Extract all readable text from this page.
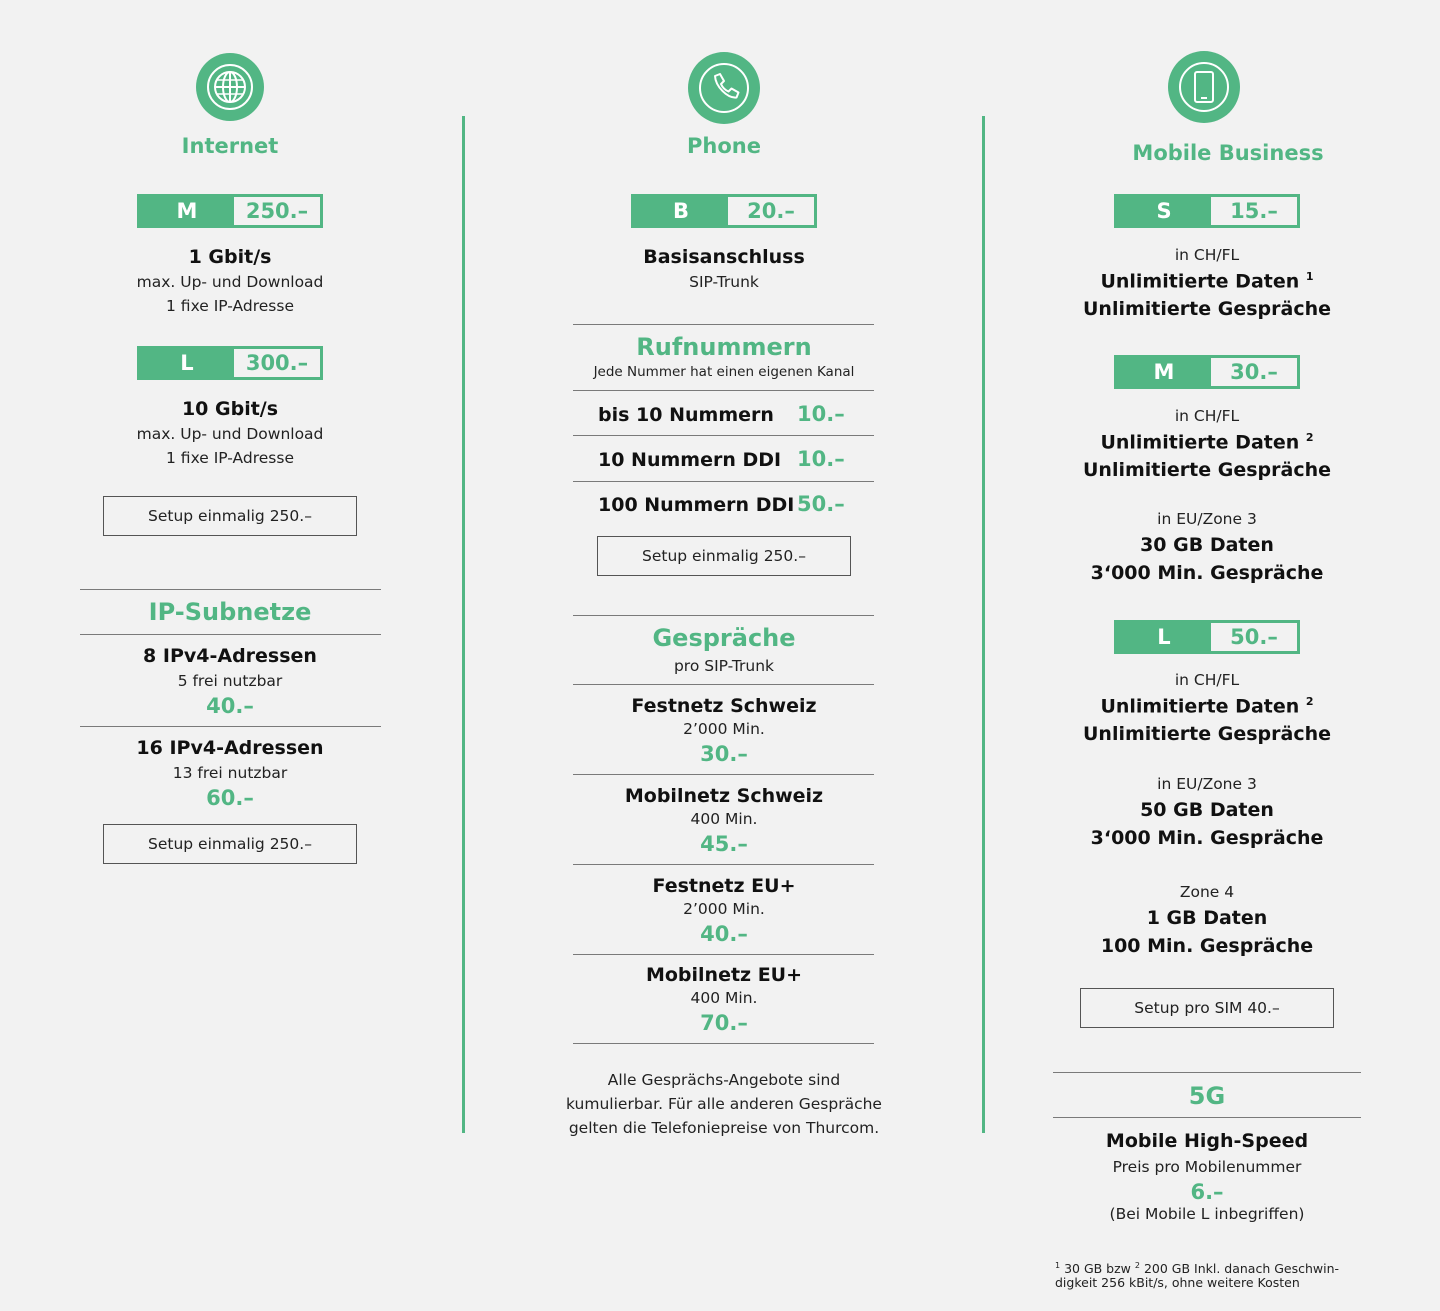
Internet
M	250.–
1 Gbit/s
max. Up- und Download
1 fixe IP-Adresse
L	300.–
10 Gbit/s
max. Up- und Download
1 fixe IP-Adresse
Setup einmalig 250.–
IP-Subnetze
8 IPv4-Adressen
5 frei nutzbar
40.–
16 IPv4-Adressen
13 frei nutzbar
60.–
Setup einmalig 250.–
Phone
B	20.–
Basisanschluss
SIP-Trunk
Rufnummern
Jede Nummer hat einen eigenen Kanal
bis 10 Nummern 10.–
10 Nummern DDI 10.–
100 Nummern DDI 50.–
Setup einmalig 250.–
Gespräche
pro SIP-Trunk
Festnetz Schweiz
2’000 Min.
30.–
Mobilnetz Schweiz
400 Min.
45.–
Festnetz EU+
2’000 Min.
40.–
Mobilnetz EU+
400 Min.
70.–
Alle Gesprächs-Angebote sind
kumulierbar. Für alle anderen Gespräche
gelten die Telefoniepreise von Thurcom.
Mobile Business
S	15.–
in CH/FL
Unlimitierte Daten $^1$
Unlimitierte Gespräche
M	30.–
in CH/FL
Unlimitierte Daten $^2$
Unlimitierte Gespräche
in EU/Zone 3
30 GB Daten
3‘000 Min. Gespräche
L	50.–
in CH/FL
Unlimitierte Daten $^2$
Unlimitierte Gespräche
in EU/Zone 3
50 GB Daten
3‘000 Min. Gespräche
Zone 4
1 GB Daten
100 Min. Gespräche
Setup pro SIM 40.–
5G
Mobile High-Speed
Preis pro Mobilenummer
6.–
(Bei Mobile L inbegriffen)
$^1$ 30 GB bzw $^2$ 200 GB Inkl. danach Geschwin-
digkeit 256 kBit/s, ohne weitere Kosten
